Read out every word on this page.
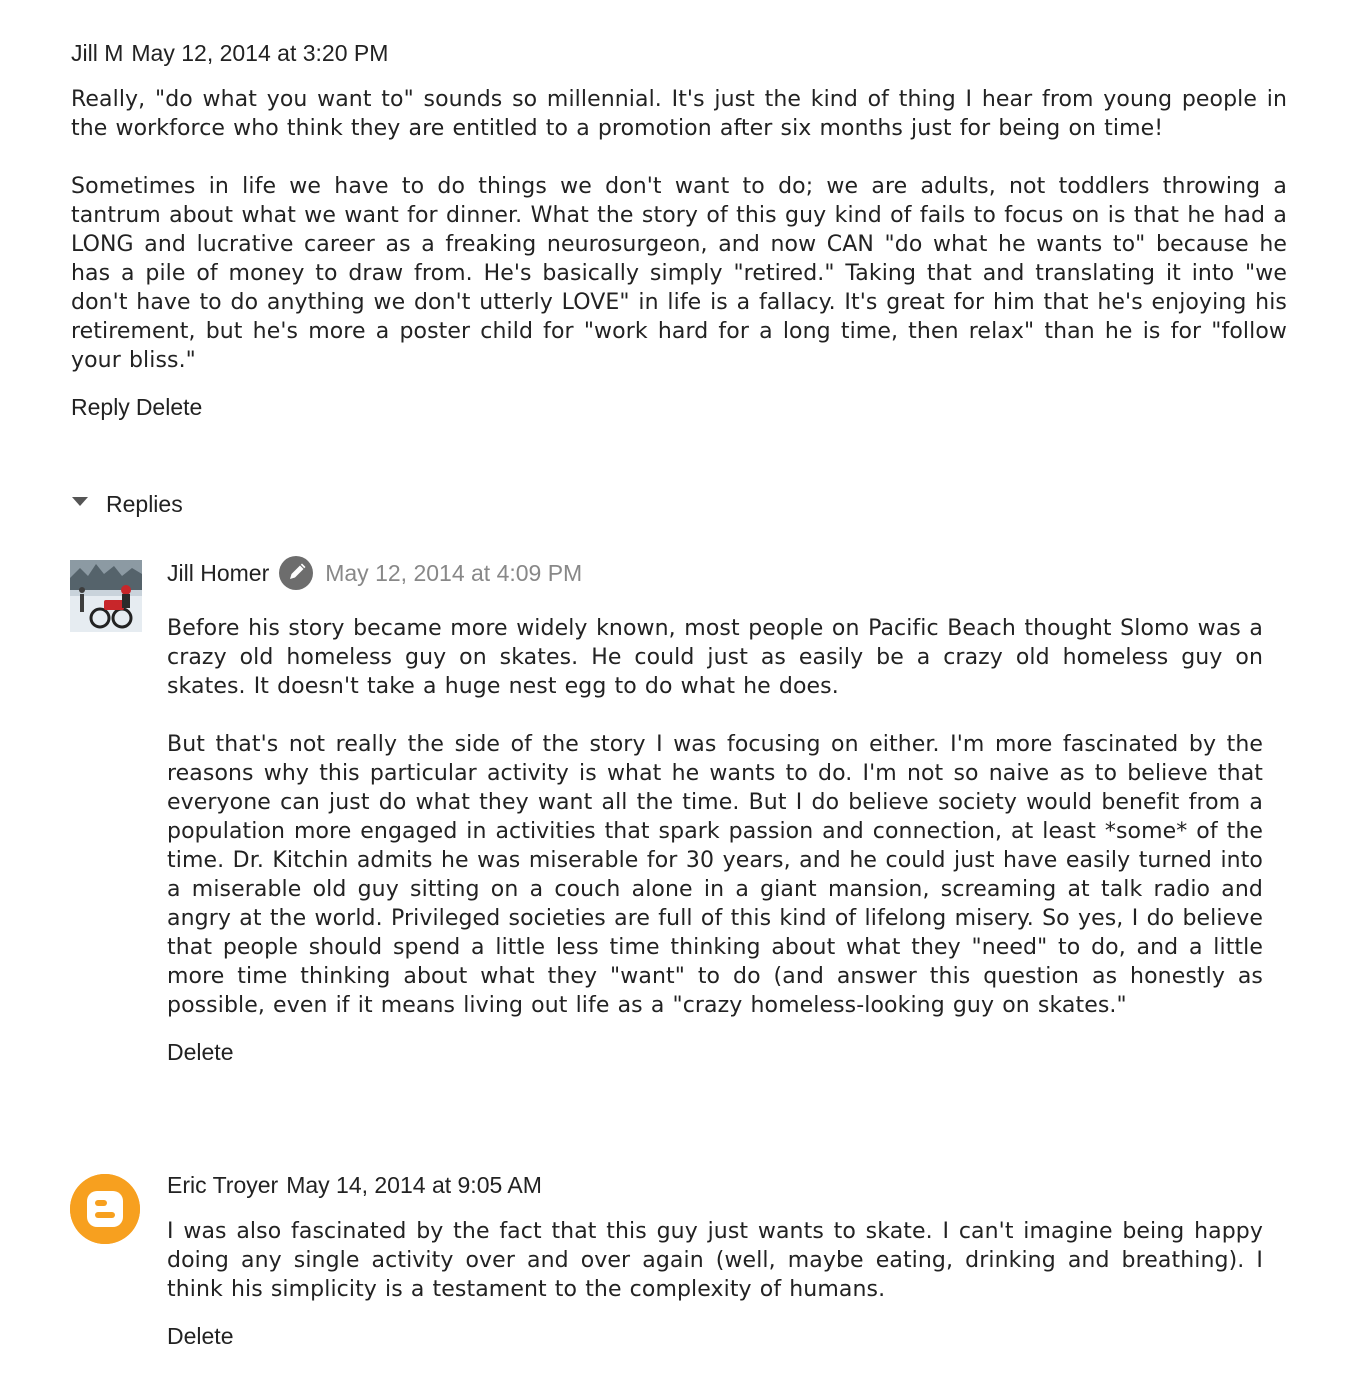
Jill M May 12, 2014 at 3:20 PM

Really, "do what you want to" sounds so millennial. It's just the kind of thing I hear from young people in the workforce who think they are entitled to a promotion after six months just for being on time!

Sometimes in life we have to do things we don't want to do; we are adults, not toddlers throwing a tantrum about what we want for dinner. What the story of this guy kind of fails to focus on is that he had a LONG and lucrative career as a freaking neurosurgeon, and now CAN "do what he wants to" because he has a pile of money to draw from. He's basically simply "retired." Taking that and translating it into "we don't have to do anything we don't utterly LOVE" in life is a fallacy. It's great for him that he's enjoying his retirement, but he's more a poster child for "work hard for a long time, then relax" than he is for "follow your bliss."

Reply Delete
Replies
Jill Homer May 12, 2014 at 4:09 PM

Before his story became more widely known, most people on Pacific Beach thought Slomo was a crazy old homeless guy on skates. He could just as easily be a crazy old homeless guy on skates. It doesn't take a huge nest egg to do what he does.

But that's not really the side of the story I was focusing on either. I'm more fascinated by the reasons why this particular activity is what he wants to do. I'm not so naive as to believe that everyone can just do what they want all the time. But I do believe society would benefit from a population more engaged in activities that spark passion and connection, at least *some* of the time. Dr. Kitchin admits he was miserable for 30 years, and he could just have easily turned into a miserable old guy sitting on a couch alone in a giant mansion, screaming at talk radio and angry at the world. Privileged societies are full of this kind of lifelong misery. So yes, I do believe that people should spend a little less time thinking about what they "need" to do, and a little more time thinking about what they "want" to do (and answer this question as honestly as possible, even if it means living out life as a "crazy homeless-looking guy on skates."

Delete
Eric Troyer May 14, 2014 at 9:05 AM

I was also fascinated by the fact that this guy just wants to skate. I can't imagine being happy doing any single activity over and over again (well, maybe eating, drinking and breathing). I think his simplicity is a testament to the complexity of humans.

Delete
